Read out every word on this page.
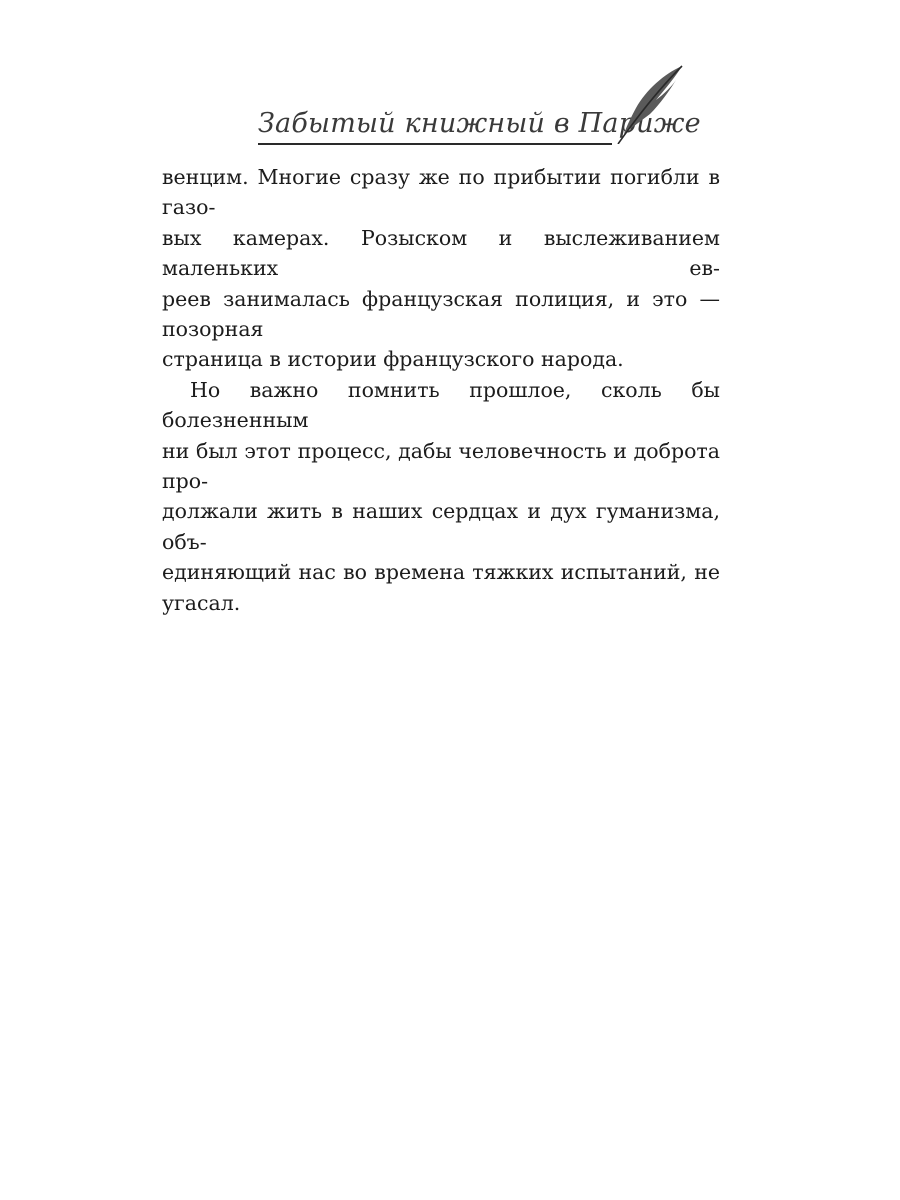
Забытый книжный в Париже

венцим. Многие сразу же по прибытии погибли в газо-

вых камерах. Розыском и выслеживанием маленьких ев-

реев занималась французская полиция, и это — позорная

страница в истории французского народа.

Но важно помнить прошлое, сколь бы болезненным

ни был этот процесс, дабы человечность и доброта про-

должали жить в наших сердцах и дух гуманизма, объ-

единяющий нас во времена тяжких испытаний, не угасал.
